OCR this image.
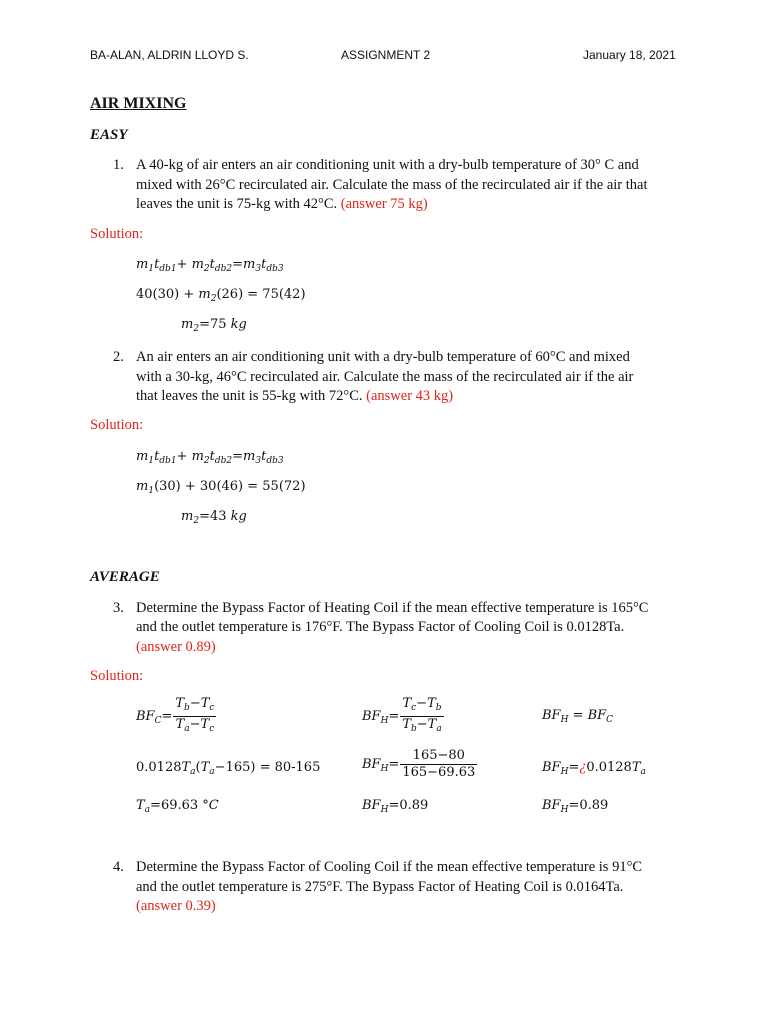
BA-ALAN, ALDRIN LLOYD S.	ASSIGNMENT 2	January 18, 2021
AIR MIXING
EASY
1. A 40-kg of air enters an air conditioning unit with a dry-bulb temperature of 30° C and
mixed with 26°C recirculated air. Calculate the mass of the recirculated air if the air that
leaves the unit is 75-kg with 42°C. (answer 75 kg)
Solution:
$m_1t_{db1}+ m_2t_{db2}=m_3t_{db3}$
$40(30) + m_2(26) = 75(42)$
$m_2=75$ kg
2. An air enters an air conditioning unit with a dry-bulb temperature of 60°C and mixed
with a 30-kg, 46°C recirculated air. Calculate the mass of the recirculated air if the air
that leaves the unit is 55-kg with 72°C. (answer 43 kg)
Solution:
$m_1t_{db1}+ m_2t_{db2}=m_3t_{db3}$
$m_1(30) + 30(46) = 55(72)$
$m_2=43$ kg
AVERAGE
3. Determine the Bypass Factor of Heating Coil if the mean effective temperature is 165°C
and the outlet temperature is 176°F. The Bypass Factor of Cooling Coil is 0.0128Ta.
(answer 0.89)
Solution:
$BF_C= \frac{T_b-T_c}{T_a-T_c}$	$BF_H= \frac{T_c-T_b}{T_b-T_a}$	$BF_H = BF_C$
$0.0128T_a(T_a-165) = 80-165$	$BF_H= \frac{165-80}{165-69.63}$	$BF_H=¿0.0128T_a$
$T_a=69.63$ °C	$BF_H=0.89$	$BF_H=0.89$
4. Determine the Bypass Factor of Cooling Coil if the mean effective temperature is 91°C
and the outlet temperature is 275°F. The Bypass Factor of Heating Coil is 0.0164Ta.
(answer 0.39)
